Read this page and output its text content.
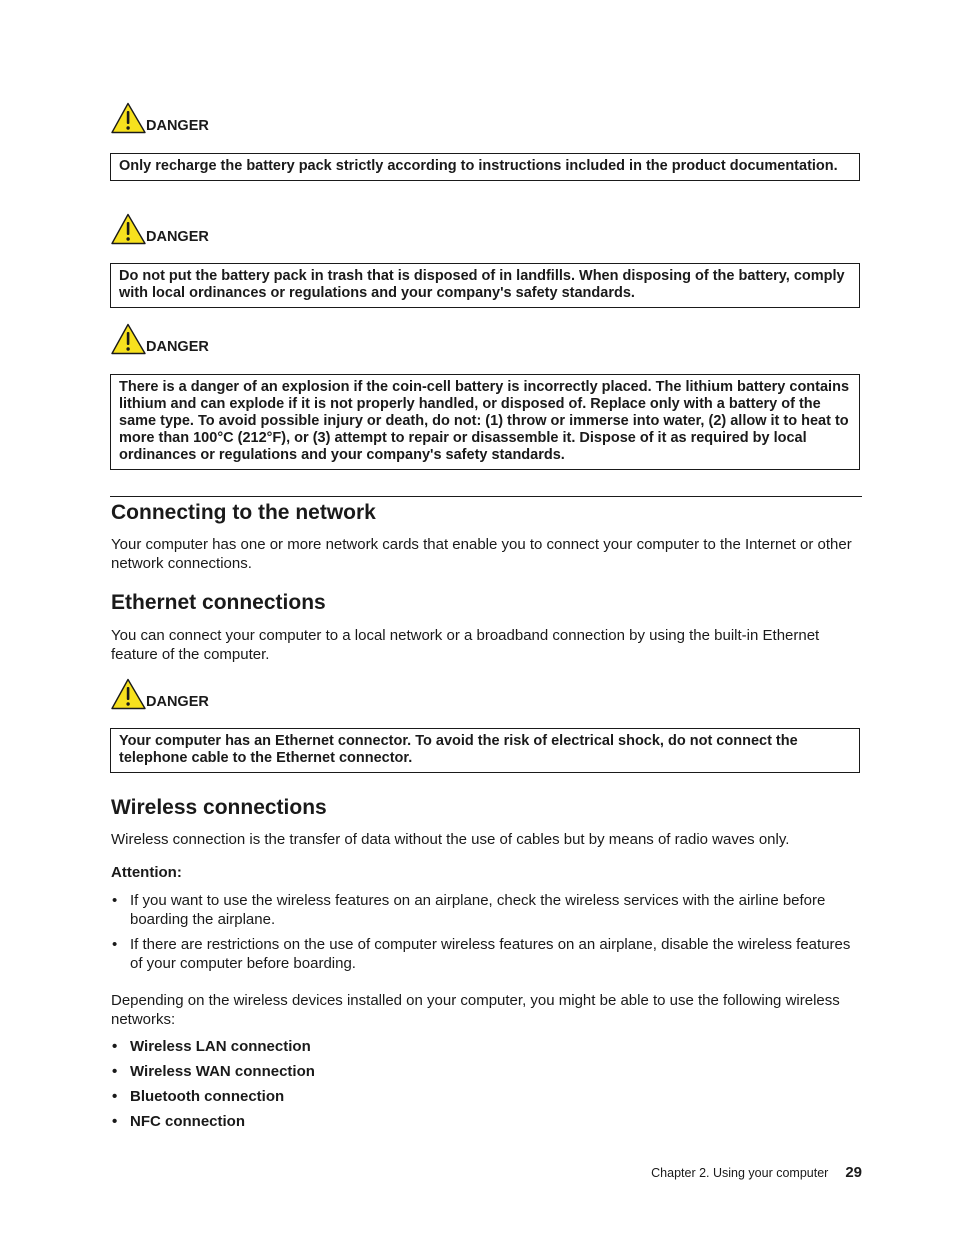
DANGER
Only recharge the battery pack strictly according to instructions included in the product documentation.
DANGER
Do not put the battery pack in trash that is disposed of in landfills. When disposing of the battery, comply with local ordinances or regulations and your company's safety standards.
DANGER
There is a danger of an explosion if the coin-cell battery is incorrectly placed. The lithium battery contains lithium and can explode if it is not properly handled, or disposed of. Replace only with a battery of the same type. To avoid possible injury or death, do not: (1) throw or immerse into water, (2) allow it to heat to more than 100°C (212°F), or (3) attempt to repair or disassemble it. Dispose of it as required by local ordinances or regulations and your company's safety standards.
Connecting to the network

Your computer has one or more network cards that enable you to connect your computer to the Internet or other network connections.

Ethernet connections

You can connect your computer to a local network or a broadband connection by using the built-in Ethernet feature of the computer.

DANGER
Your computer has an Ethernet connector. To avoid the risk of electrical shock, do not connect the telephone cable to the Ethernet connector.
Wireless connections

Wireless connection is the transfer of data without the use of cables but by means of radio waves only.

Attention:
• If you want to use the wireless features on an airplane, check the wireless services with the airline before boarding the airplane.
• If there are restrictions on the use of computer wireless features on an airplane, disable the wireless features of your computer before boarding.

Depending on the wireless devices installed on your computer, you might be able to use the following wireless networks:

• Wireless LAN connection
• Wireless WAN connection
• Bluetooth connection
• NFC connection
Chapter 2. Using your computer 29
